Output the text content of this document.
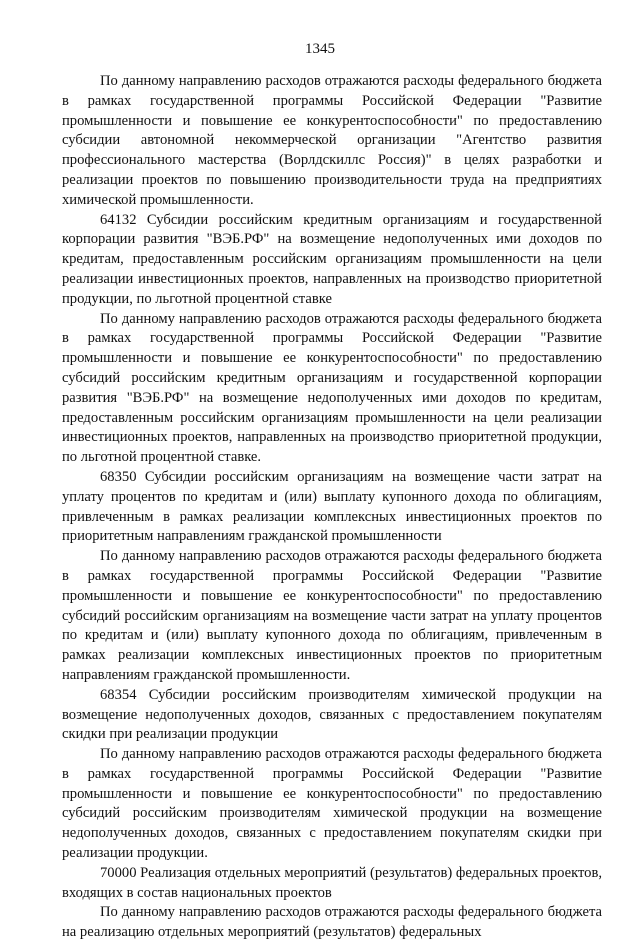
1345

По данному направлению расходов отражаются расходы федерального бюджета в рамках государственной программы Российской Федерации "Развитие промышленности и повышение ее конкурентоспособности" по предоставлению субсидии автономной некоммерческой организации "Агентство развития профессионального мастерства (Ворлдскиллс Россия)" в целях разработки и реализации проектов по повышению производительности труда на предприятиях химической промышленности.

64132 Субсидии российским кредитным организациям и государственной корпорации развития "ВЭБ.РФ" на возмещение недополученных ими доходов по кредитам, предоставленным российским организациям промышленности на цели реализации инвестиционных проектов, направленных на производство приоритетной продукции, по льготной процентной ставке

По данному направлению расходов отражаются расходы федерального бюджета в рамках государственной программы Российской Федерации "Развитие промышленности и повышение ее конкурентоспособности" по предоставлению субсидий российским кредитным организациям и государственной корпорации развития "ВЭБ.РФ" на возмещение недополученных ими доходов по кредитам, предоставленным российским организациям промышленности на цели реализации инвестиционных проектов, направленных на производство приоритетной продукции, по льготной процентной ставке.

68350 Субсидии российским организациям на возмещение части затрат на уплату процентов по кредитам и (или) выплату купонного дохода по облигациям, привлеченным в рамках реализации комплексных инвестиционных проектов по приоритетным направлениям гражданской промышленности

По данному направлению расходов отражаются расходы федерального бюджета в рамках государственной программы Российской Федерации "Развитие промышленности и повышение ее конкурентоспособности" по предоставлению субсидий российским организациям на возмещение части затрат на уплату процентов по кредитам и (или) выплату купонного дохода по облигациям, привлеченным в рамках реализации комплексных инвестиционных проектов по приоритетным направлениям гражданской промышленности.

68354 Субсидии российским производителям химической продукции на возмещение недополученных доходов, связанных с предоставлением покупателям скидки при реализации продукции

По данному направлению расходов отражаются расходы федерального бюджета в рамках государственной программы Российской Федерации "Развитие промышленности и повышение ее конкурентоспособности" по предоставлению субсидий российским производителям химической продукции на возмещение недополученных доходов, связанных с предоставлением покупателям скидки при реализации продукции.

70000 Реализация отдельных мероприятий (результатов) федеральных проектов, входящих в состав национальных проектов

По данному направлению расходов отражаются расходы федерального бюджета на реализацию отдельных мероприятий (результатов) федеральных
